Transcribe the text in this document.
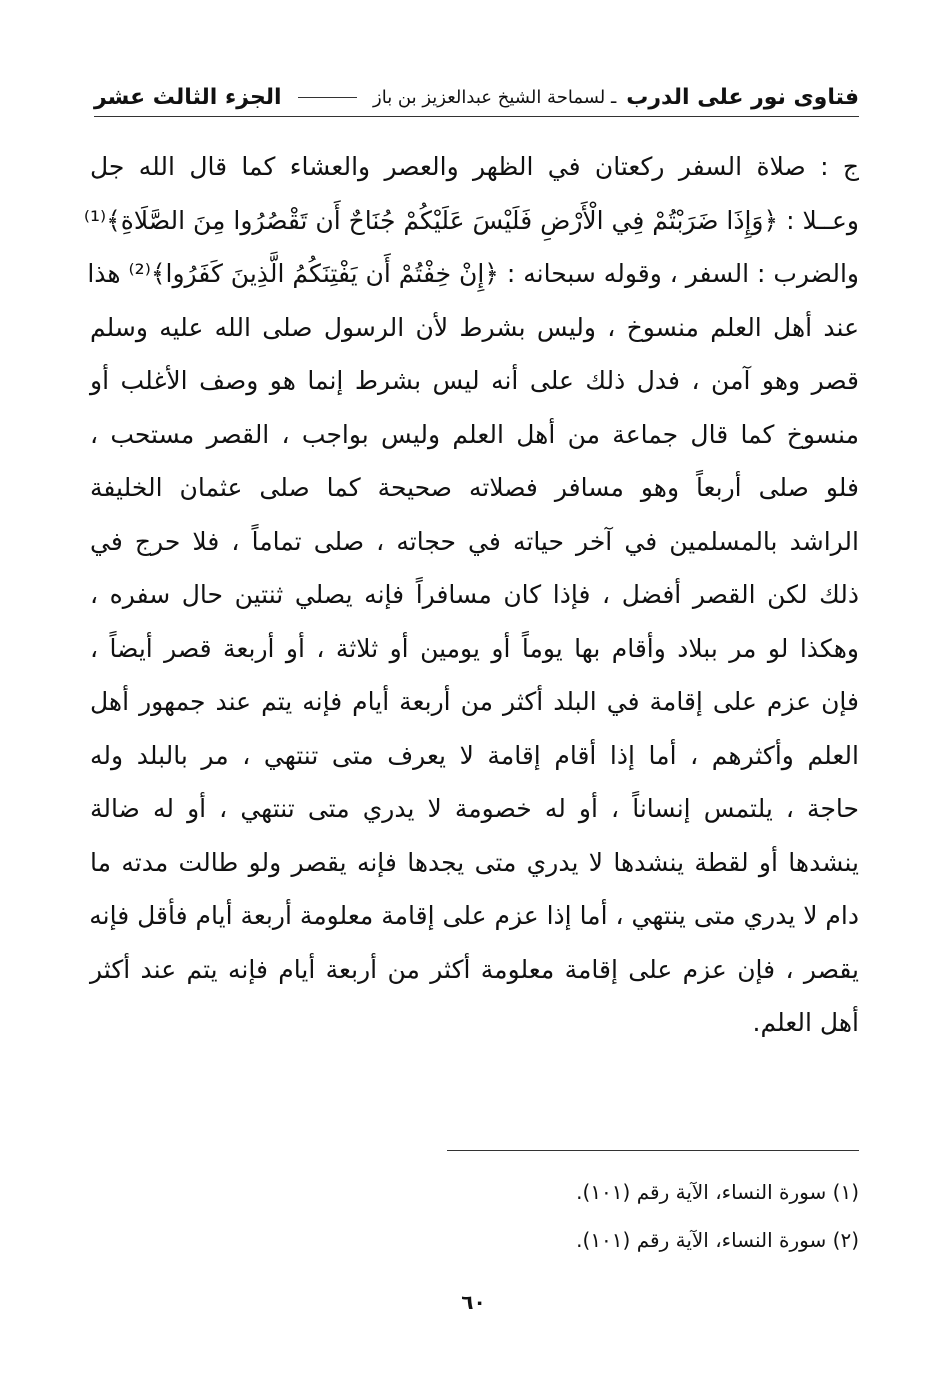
فتاوى نور على الدرب
ـ لسماحة الشيخ عبدالعزيز بن باز
الجزء الثالث عشر
ج : صلاة السفر ركعتان في الظهر والعصر والعشاء كما قال الله جل
وعــلا : ﴿وَإِذَا ضَرَبْتُمْ فِي الْأَرْضِ فَلَيْسَ عَلَيْكُمْ جُنَاحٌ أَن تَقْصُرُوا مِنَ الصَّلَاةِ﴾⁽¹⁾
والضرب : السفر ، وقوله سبحانه : ﴿إِنْ خِفْتُمْ أَن يَفْتِنَكُمُ الَّذِينَ كَفَرُوا﴾⁽²⁾ هذا
عند أهل العلم منسوخ ، وليس بشرط لأن الرسول صلى الله عليه وسلم
قصر وهو آمن ، فدل ذلك على أنه ليس بشرط إنما هو وصف الأغلب أو
منسوخ كما قال جماعة من أهل العلم وليس بواجب ، القصر مستحب ،
فلو صلى أربعاً وهو مسافر فصلاته صحيحة كما صلى عثمان الخليفة
الراشد بالمسلمين في آخر حياته في حجاته ، صلى تماماً ، فلا حرج في
ذلك لكن القصر أفضل ، فإذا كان مسافراً فإنه يصلي ثنتين حال سفره ،
وهكذا لو مر ببلاد وأقام بها يوماً أو يومين أو ثلاثة ، أو أربعة قصر أيضاً ،
فإن عزم على إقامة في البلد أكثر من أربعة أيام فإنه يتم عند جمهور أهل
العلم وأكثرهم ، أما إذا أقام إقامة لا يعرف متى تنتهي ، مر بالبلد وله
حاجة ، يلتمس إنساناً ، أو له خصومة لا يدري متى تنتهي ، أو له ضالة
ينشدها أو لقطة ينشدها لا يدري متى يجدها فإنه يقصر ولو طالت مدته ما
دام لا يدري متى ينتهي ، أما إذا عزم على إقامة معلومة أربعة أيام فأقل فإنه
يقصر ، فإن عزم على إقامة معلومة أكثر من أربعة أيام فإنه يتم عند أكثر
أهل العلم.
(١) سورة النساء، الآية رقم (١٠١).
(٢) سورة النساء، الآية رقم (١٠١).
٦٠
